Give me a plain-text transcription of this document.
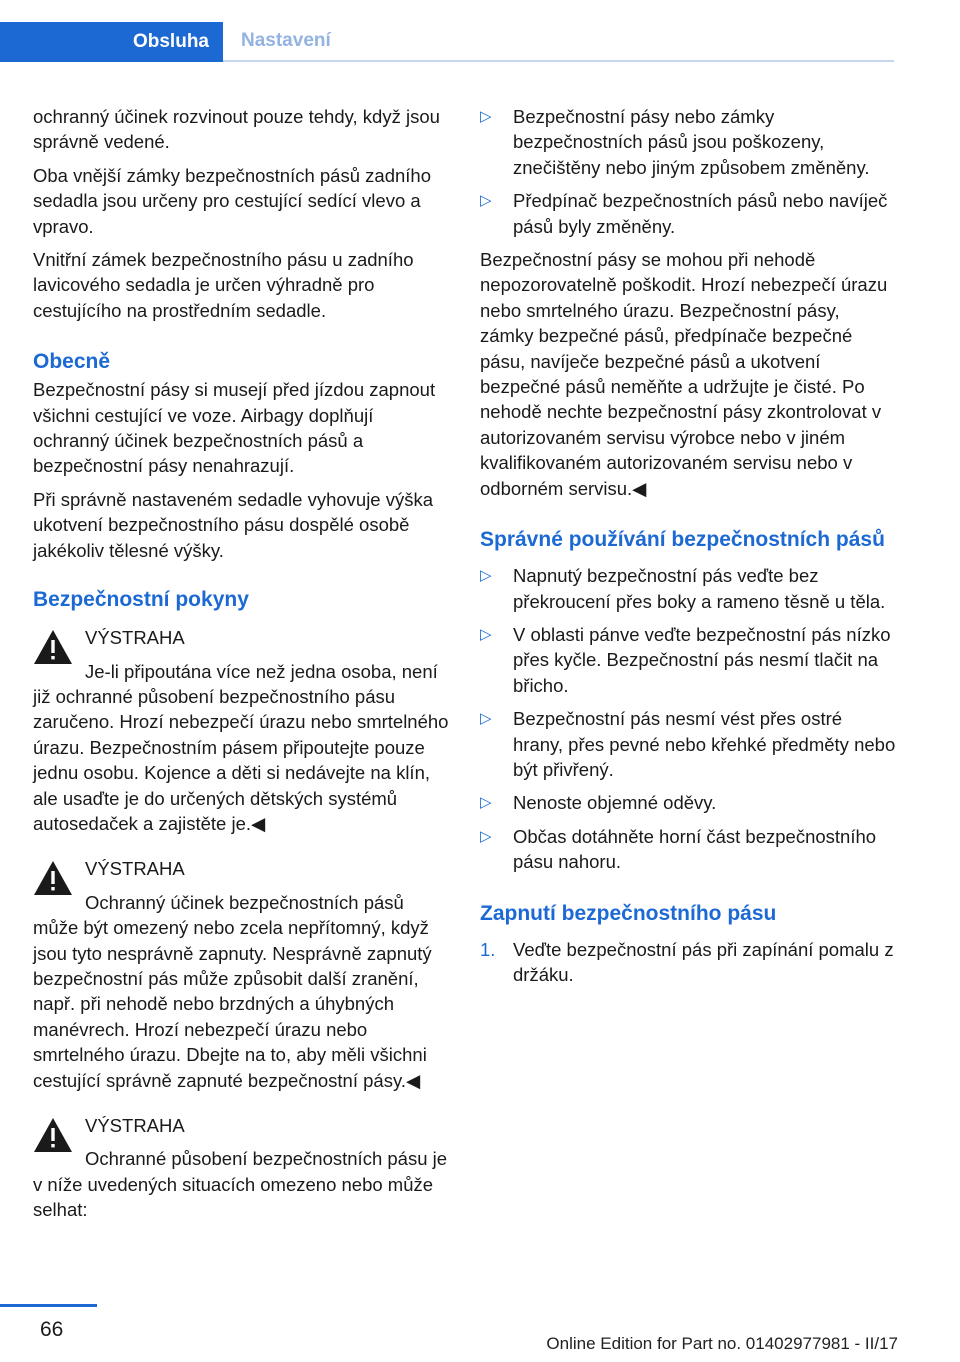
Obsluha	Nastavení

ochranný účinek rozvinout pouze tehdy, když jsou správně vedené.

Oba vnější zámky bezpečnostních pásů zadního sedadla jsou určeny pro cestující sedící vlevo a vpravo.

Vnitřní zámek bezpečnostního pásu u zadního lavicového sedadla je určen výhradně pro cestujícího na prostředním sedadle.

Obecně

Bezpečnostní pásy si musejí před jízdou zapnout všichni cestující ve voze. Airbagy doplňují ochranný účinek bezpečnostních pásů a bezpečnostní pásy nenahrazují.

Při správně nastaveném sedadle vyhovuje výška ukotvení bezpečnostního pásu dospělé osobě jakékoliv tělesné výšky.

Bezpečnostní pokyny
VÝSTRAHA
Je-li připoutána více než jedna osoba, není již ochranné působení bezpečnostního pásu zaručeno. Hrozí nebezpečí úrazu nebo smrtelného úrazu. Bezpečnostním pásem připoutejte pouze jednu osobu. Kojence a děti si nedávejte na klín, ale usaďte je do určených dětských systémů autosedaček a zajistěte je.◀
VÝSTRAHA
Ochranný účinek bezpečnostních pásů může být omezený nebo zcela nepřítomný, když jsou tyto nesprávně zapnuty. Nesprávně zapnutý bezpečnostní pás může způsobit další zranění, např. při nehodě nebo brzdných a úhybných manévrech. Hrozí nebezpečí úrazu nebo smrtelného úrazu. Dbejte na to, aby měli všichni cestující správně zapnuté bezpečnostní pásy.◀
VÝSTRAHA
Ochranné působení bezpečnostních pásu je v níže uvedených situacích omezeno nebo může selhat:
▷ Bezpečnostní pásy nebo zámky bezpečnostních pásů jsou poškozeny, znečištěny nebo jiným způsobem změněny.
▷ Předpínač bezpečnostních pásů nebo navíječ pásů byly změněny.

Bezpečnostní pásy se mohou při nehodě nepozorovatelně poškodit. Hrozí nebezpečí úrazu nebo smrtelného úrazu. Bezpečnostní pásy, zámky bezpečné pásů, předpínače bezpečné pásu, navíječe bezpečné pásů a ukotvení bezpečné pásů neměňte a udržujte je čisté. Po nehodě nechte bezpečnostní pásy zkontrolovat v autorizovaném servisu výrobce nebo v jiném kvalifikovaném autorizovaném servisu nebo v odborném servisu.◀

Správné používání bezpečnostních pásů
▷ Napnutý bezpečnostní pás veďte bez překroucení přes boky a rameno těsně u těla.
▷ V oblasti pánve veďte bezpečnostní pás nízko přes kyčle. Bezpečnostní pás nesmí tlačit na břicho.
▷ Bezpečnostní pás nesmí vést přes ostré hrany, přes pevné nebo křehké předměty nebo být přivřený.
▷ Nenoste objemné oděvy.
▷ Občas dotáhněte horní část bezpečnostního pásu nahoru.
Zapnutí bezpečnostního pásu
1. Veďte bezpečnostní pás při zapínání pomalu z držáku.
66
Online Edition for Part no. 01402977981 - II/17
